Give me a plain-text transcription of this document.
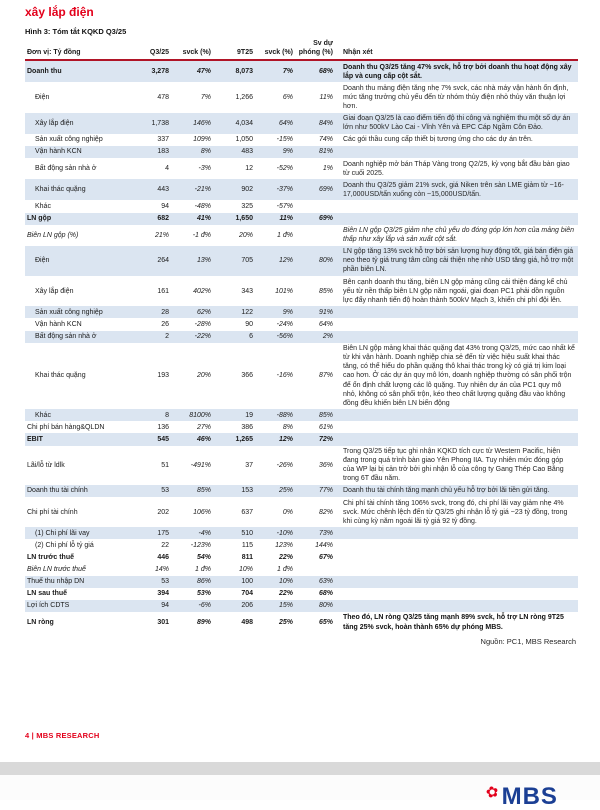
xây lắp điện
Hình 3: Tóm tắt KQKD Q3/25
Đơn vị: Tỷ đồng	Q3/25	svck (%)	9T25	svck (%)	Sv dự phóng (%)	Nhận xét
Doanh thu	3,278	47%	8,073	7%	68%	Doanh thu Q3/25 tăng 47% svck, hỗ trợ bởi doanh thu hoạt động xây lắp và cung cấp cột sắt.
Điện	478	7%	1,266	6%	11%	Doanh thu mảng điện tăng nhẹ 7% svck, các nhà máy vận hành ổn định, mức tăng trưởng chủ yếu đến từ nhóm thủy điện nhỏ thủy văn thuận lợi hơn.
Xây lắp điện	1,738	146%	4,034	64%	84%	Giai đoạn Q3/25 là cao điểm tiến độ thi công và nghiệm thu một số dự án lớn như 500kV Lào Cai - Vĩnh Yên và EPC Cáp Ngầm Côn Đảo.
Sản xuất công nghiệp	337	109%	1,050	-15%	74%	Các gói thầu cung cấp thiết bị tương ứng cho các dự án trên.
Vận hành KCN	183	8%	483	9%	81%	
Bất động sản nhà ở	4	-3%	12	-52%	1%	Doanh nghiệp mở bán Tháp Vàng trong Q2/25, kỳ vọng bắt đầu bàn giao từ cuối 2025.
Khai thác quặng	443	-21%	902	-37%	69%	Doanh thu Q3/25 giảm 21% svck, giá Niken trên sàn LME giảm từ ~16-17,000USD/tấn xuống còn ~15,000USD/tấn.
Khác	94	-48%	325	-57%		
LN gộp	682	41%	1,650	11%	69%	
Biên LN gộp (%)	21%	-1 đ%	20%	1 đ%		Biên LN gộp Q3/25 giảm nhẹ chủ yếu do đóng góp lớn hơn của mảng biên thấp như xây lắp và sản xuất cột sắt.
Điện	264	13%	705	12%	80%	LN gộp tăng 13% svck hỗ trợ bởi sản lượng huy động tốt, giá bán điện giá neo theo tỷ giá trung tâm cũng cải thiện nhẹ nhờ USD tăng giá, hỗ trợ một phần biên LN.
Xây lắp điện	161	402%	343	101%	85%	Bên cạnh doanh thu tăng, biên LN gộp mảng cũng cải thiện đáng kể chủ yếu từ nền thấp biên LN gộp năm ngoái, giai đoạn PC1 phải dồn nguồn lực đẩy nhanh tiến độ hoàn thành 500kV Mạch 3, khiến chi phí đội lên.
Sản xuất công nghiệp	28	62%	122	9%	91%	
Vận hành KCN	26	-28%	90	-24%	64%	
Bất động sản nhà ở	2	-22%	6	-56%	2%	
Khai thác quặng	193	20%	366	-16%	87%	Biên LN gộp mảng khai thác quặng đạt 43% trong Q3/25, mức cao nhất kể từ khi vận hành. Doanh nghiệp chia sẻ đến từ việc hiệu suất khai thác tăng, có thể hiểu do phần quặng thô khai thác trong kỳ có giá trị kim loại cao hơn. Ở các dự án quy mô lớn, doanh nghiệp thường có sân phối trộn để ổn định chất lượng các lô quặng. Tuy nhiên dự án của PC1 quy mô nhỏ, không có sân phối trộn, kéo theo chất lượng quặng đầu vào không đồng đều khiến biên LN biến động
Khác	8	8100%	19	-88%	85%	
Chi phí bán hàng&QLDN	136	27%	386	8%	61%	
EBIT	545	46%	1,265	12%	72%	
Lãi/lỗ từ ldlk	51	-491%	37	-26%	36%	Trong Q3/25 tiếp tục ghi nhận KQKD tích cực từ Western Pacific, hiện đang trong quá trình bàn giao Yên Phong IIA. Tuy nhiên mức đóng góp của WP lại bị cản trở bởi ghi nhận lỗ của công ty Gang Thép Cao Bằng trong 6T đầu năm.
Doanh thu tài chính	53	85%	153	25%	77%	Doanh thu tài chính tăng mạnh chủ yếu hỗ trợ bởi lãi tiền gửi tăng.
Chi phí tài chính	202	106%	637	0%	82%	Chi phí tài chính tăng 106% svck, trong đó, chi phí lãi vay giảm nhẹ 4% svck. Mức chênh lệch đến từ Q3/25 ghi nhận lỗ tỷ giá ~23 tỷ đồng, trong khi cùng kỳ năm ngoái lãi tỷ giá 92 tỷ đồng.
(1) Chi phí lãi vay	175	-4%	510	-10%	73%	
(2) Chi phí lỗ tỷ giá	22	-123%	115	123%	144%	
LN trước thuế	446	54%	811	22%	67%	
Biên LN trước thuế	14%	1 đ%	10%	1 đ%		
Thuế thu nhập DN	53	86%	100	10%	63%	
LN sau thuế	394	53%	704	22%	68%	
Lợi ích CDTS	94	-6%	206	15%	80%	
LN ròng	301	89%	498	25%	65%	Theo đó, LN ròng Q3/25 tăng mạnh 89% svck, hỗ trợ LN ròng 9T25 tăng 25% svck, hoàn thành 65% dự phóng MBS.
Nguồn: PC1, MBS Research
4 | MBS RESEARCH
✿ MBS
